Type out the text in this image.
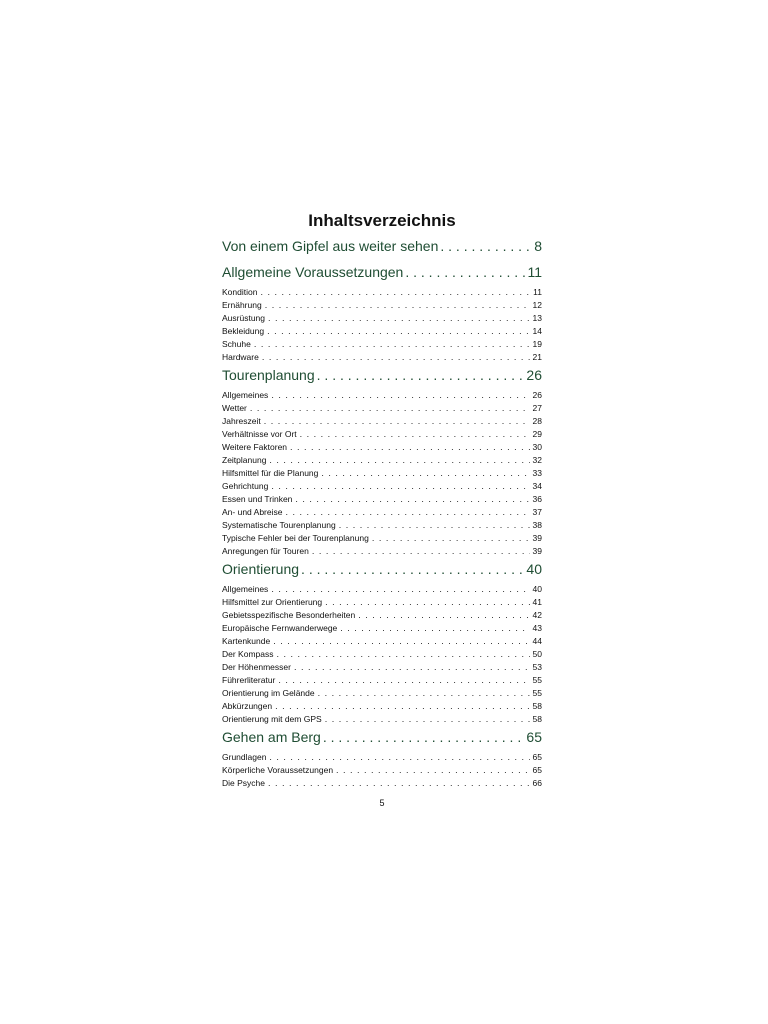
Inhaltsverzeichnis
Von einem Gipfel aus weiter sehen . . .	8
Allgemeine Voraussetzungen . . .	11
Kondition . . .	11
Ernährung . . .	12
Ausrüstung . . .	13
Bekleidung . . .	14
Schuhe . . .	19
Hardware . . .	21
Tourenplanung . . .	26
Allgemeines . . .	26
Wetter . . .	27
Jahreszeit . . .	28
Verhältnisse vor Ort . . .	29
Weitere Faktoren . . .	30
Zeitplanung . . .	32
Hilfsmittel für die Planung . . .	33
Gehrichtung . . .	34
Essen und Trinken . . .	36
An- und Abreise . . .	37
Systematische Tourenplanung . . .	38
Typische Fehler bei der Tourenplanung . . .	39
Anregungen für Touren . . .	39
Orientierung . . .	40
Allgemeines . . .	40
Hilfsmittel zur Orientierung . . .	41
Gebietsspezifische Besonderheiten . . .	42
Europäische Fernwanderwege . . .	43
Kartenkunde . . .	44
Der Kompass . . .	50
Der Höhenmesser . . .	53
Führerliteratur . . .	55
Orientierung im Gelände . . .	55
Abkürzungen . . .	58
Orientierung mit dem GPS . . .	58
Gehen am Berg . . .	65
Grundlagen . . .	65
Körperliche Voraussetzungen . . .	65
Die Psyche . . .	66
5
